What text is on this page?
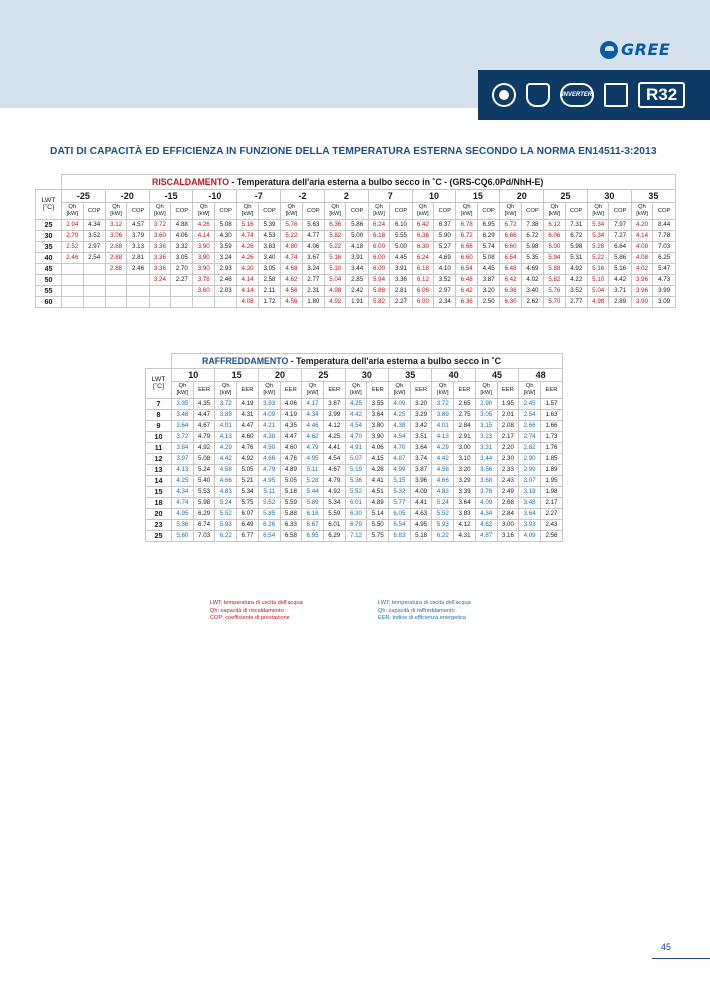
GREE
INVERTER	R32
DATI DI CAPACITÀ ED EFFICIENZA IN FUNZIONE DELLA TEMPERATURA ESTERNA SECONDO LA NORMA EN14511-3:2013
	RISCALDAMENTO - Temperatura dell'aria esterna a bulbo secco in ˚C - (GRS-CQ6.0Pd/NhH-E)																											
LWT
[˚C]	-25		-20		-15		-10		-7		-2		2		7		10		15		20		25		30		35	
	Qh
[kW]	COP	Qh
[kW]	COP	Qh
[kW]	COP	Qh
[kW]	COP	Qh
[kW]	COP	Qh
[kW]	COP	Qh
[kW]	COP	Qh
[kW]	COP	Qh
[kW]	COP	Qh
[kW]	COP	Qh
[kW]	COP	Qh
[kW]	COP	Qh
[kW]	COP	Qh
[kW]	COP
25	2.94	4.34	3.12	4.57	3.72	4.88	4.26	5.08	5.16	5.39	5.76	5.63	6.36	5.86	6.24	6.10	6.42	6.37	6.78	6.95	6.72	7.38	6.12	7.31	5.34	7.97	4.20	8.44
30	2.70	3.52	3.06	3.79	3.60	4.06	4.14	4.30	4.74	4.53	5.22	4.77	5.82	5.00	6.18	5.55	6.36	5.90	6.72	6.29	6.66	6.72	6.06	6.72	5.34	7.27	4.14	7.78
35	2.52	2.97	2.88	3.13	3.36	3.32	3.90	3.59	4.26	3.83	4.80	4.06	5.22	4.18	6.00	5.00	6.30	5.27	6.66	5.74	6.60	5.98	6.00	5.98	5.28	6.64	4.08	7.03
40	2.46	2.54	2.88	2.81	3.36	3.05	3.90	3.24	4.26	3.40	4.74	3.67	5.16	3.91	6.00	4.45	6.24	4.69	6.60	5.08	6.54	5.35	5.94	5.31	5.22	5.86	4.08	6.25
45			2.88	2.46	3.36	2.70	3.90	2.93	4.20	3.05	4.68	3.24	5.10	3.44	6.00	3.91	6.18	4.10	6.54	4.45	6.48	4.69	5.88	4.92	5.16	5.16	4.02	5.47
50					3.24	2.27	3.78	2.46	4.14	2.58	4.62	2.77	5.04	2.85	5.94	3.36	6.12	3.52	6.48	3.87	6.42	4.02	5.82	4.22	5.10	4.42	3.96	4.73
55							3.60	2.03	4.14	2.11	4.56	2.31	4.98	2.42	5.88	2.81	6.06	2.97	6.42	3.20	6.36	3.40	5.76	3.52	5.04	3.71	3.96	3.99
60									4.08	1.72	4.56	1.80	4.92	1.91	5.82	2.27	6.00	2.34	6.36	2.50	6.30	2.62	5.70	2.77	4.98	2.89	3.90	3.09
	RAFFREDDAMENTO - Temperatura dell'aria esterna a bulbo secco in ˚C																	
LWT
[˚C]	10		15		20		25		30		35		40		45		48	
	Qh
[kW]	EER	Qh
[kW]	EER	Qh
[kW]	EER	Qh
[kW]	EER	Qh
[kW]	EER	Qh
[kW]	EER	Qh
[kW]	EER	Qh
[kW]	EER	Qh
[kW]	EER
7	3.35	4.35	3.72	4.19	3.93	4.06	4.17	3.87	4.25	3.55	4.09	3.20	3.72	2.65	2.90	1.95	2.45	1.57
8	3.48	4.47	3.89	4.31	4.09	4.19	4.34	3.99	4.42	3.64	4.25	3.29	3.89	2.75	3.05	2.01	2.54	1.63
9	3.64	4.67	4.01	4.47	4.21	4.35	4.46	4.12	4.54	3.80	4.38	3.42	4.01	2.84	3.15	2.08	2.66	1.66
10	3.72	4.79	4.13	4.60	4.38	4.47	4.62	4.25	4.70	3.90	4.54	3.51	4.13	2.91	3.23	2.17	2.74	1.73
11	3.84	4.92	4.29	4.76	4.50	4.60	4.79	4.41	4.91	4.06	4.70	3.64	4.29	3.00	3.31	2.20	2.82	1.76
12	3.97	5.08	4.42	4.92	4.66	4.76	4.95	4.54	5.07	4.15	4.87	3.74	4.42	3.10	3.44	2.30	2.90	1.85
13	4.13	5.24	4.58	5.05	4.79	4.89	5.11	4.67	5.19	4.28	4.99	3.87	4.58	3.20	3.56	2.33	2.99	1.89
14	4.25	5.40	4.66	5.21	4.95	5.05	5.28	4.79	5.36	4.41	5.15	3.96	4.66	3.29	3.68	2.43	3.07	1.95
15	4.34	5.53	4.83	5.34	5.11	5.18	5.44	4.92	5.52	4.51	5.32	4.09	4.83	3.39	3.76	2.49	3.19	1.98
18	4.74	5.98	5.24	5.75	5.52	5.59	5.89	5.34	6.01	4.89	5.77	4.41	5.24	3.64	4.09	2.68	3.48	2.17
20	4.95	6.29	5.52	6.07	5.85	5.88	6.18	5.59	6.30	5.14	6.05	4.63	5.52	3.83	4.34	2.84	3.64	2.27
23	5.36	6.74	5.93	6.49	6.26	6.33	6.67	6.01	6.79	5.50	6.54	4.95	5.93	4.12	4.62	3.00	3.93	2.43
25	5.60	7.03	6.22	6.77	6.54	6.58	6.95	6.29	7.12	5.75	6.83	5.18	6.22	4.31	4.87	3.16	4.09	2.56
LWT: temperatura di uscita dell'acqua
Qh: capacità di riscaldamento
COP: coefficiente di prestazione
LWT: temperatura di uscita dell'acqua
Qh: capacità di raffreddamento
EER: indice di efficienza energetica
45
